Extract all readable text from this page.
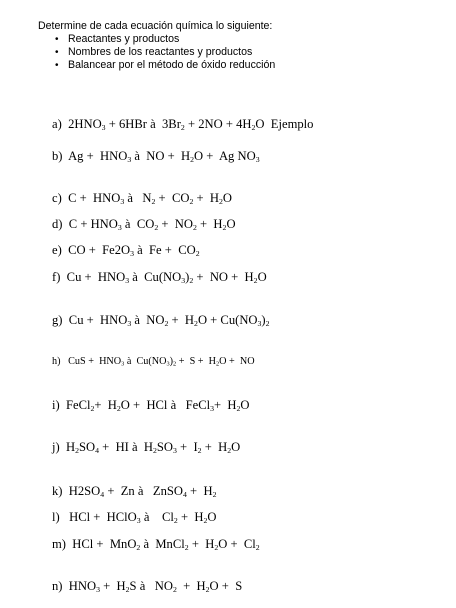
Determine de cada ecuación química lo siguiente:
• Reactantes y productos
• Nombres de los reactantes y productos
• Balancear por el método de óxido reducción
a)  $2HNO_3 + 6HBr$ à  $3Br_2 + 2NO + 4H_2O$  Ejemplo
b)  $Ag + HNO_3$ à  NO +  $H_2O + Ag$ $NO_3$
c)  $C + HNO_3$ à   $N_2 + CO_2 + H_2O$
d)  $C + HNO_3$ à  $CO_2 + NO_2 + H_2O$
e)  CO +  $Fe2O_3$ à  $Fe + CO_2$
f)  $Cu + HNO_3$ à  $Cu(NO_3)_2$ +  NO +  $H_2O$
g)  $Cu + HNO_3$ à  $NO_2 + H_2O + Cu(NO_3)_2$
h)   CuS +  $HNO_3$ à  $Cu(NO_3)_2 + S + H_2O$ +  NO
i)  FeCl$_2$+  $H_2O$ +  HCl à   FeCl$_3$+  $H_2O$
j)  $H_2SO_4$ +  HI à  $H_2SO_3 + I_2 + H_2O$
k)  $H2SO_4 + Zn$ à   ZnSO$_4$ +  $H_2$
l)   HCl +  HClO$_3$ à    $Cl_2 + H_2O$
m)  HCl +  MnO$_2$ à  MnCl$_2$ +  $H_2O + Cl_2$
n)  $HNO_3 + H_2S$ à   $NO_2 + H_2O + S$
